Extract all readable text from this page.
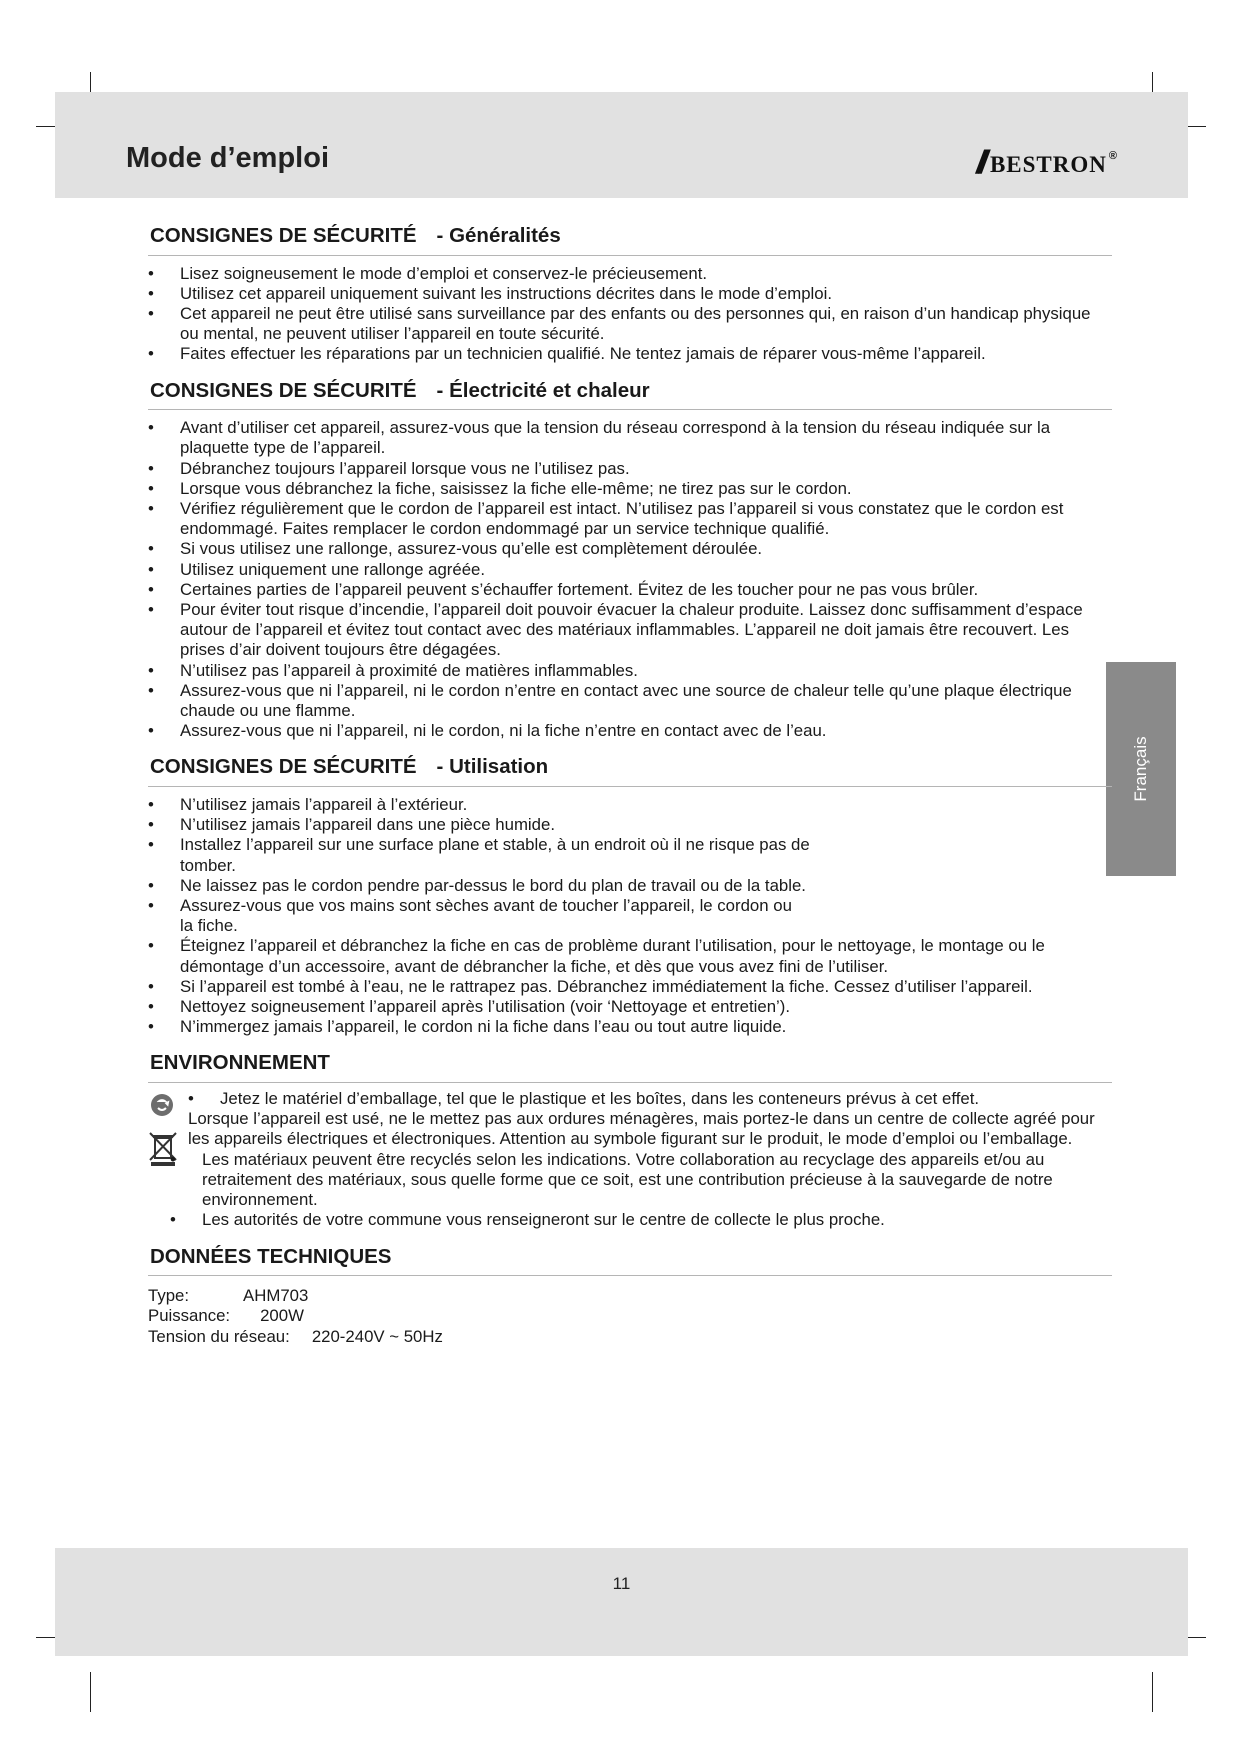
Mode d’emploi	// bestron ®
Français
CONSIGNES DE SÉCURITÉ - Généralités
• Lisez soigneusement le mode d’emploi et conservez-le précieusement.
• Utilisez cet appareil uniquement suivant les instructions décrites dans le mode d’emploi.
• Cet appareil ne peut être utilisé sans surveillance par des enfants ou des personnes qui, en raison d’un handicap physique ou mental, ne peuvent utiliser l’appareil en toute sécurité.
• Faites effectuer les réparations par un technicien qualifié. Ne tentez jamais de réparer vous-même l’appareil.
CONSIGNES DE SÉCURITÉ - Électricité et chaleur
• Avant d’utiliser cet appareil, assurez-vous que la tension du réseau correspond à la tension du réseau indiquée sur la plaquette type de l’appareil.
• Débranchez toujours l’appareil lorsque vous ne l’utilisez pas.
• Lorsque vous débranchez la fiche, saisissez la fiche elle-même; ne tirez pas sur le cordon.
• Vérifiez régulièrement que le cordon de l’appareil est intact. N’utilisez pas l’appareil si vous constatez que le cordon est endommagé. Faites remplacer le cordon endommagé par un service technique qualifié.
• Si vous utilisez une rallonge, assurez-vous qu’elle est complètement déroulée.
• Utilisez uniquement une rallonge agréée.
• Certaines parties de l’appareil peuvent s’échauffer fortement. Évitez de les toucher pour ne pas vous brûler.
• Pour éviter tout risque d’incendie, l’appareil doit pouvoir évacuer la chaleur produite. Laissez donc suffisamment d’espace autour de l’appareil et évitez tout contact avec des matériaux inflammables. L’appareil ne doit jamais être recouvert. Les prises d’air doivent toujours être dégagées.
• N’utilisez pas l’appareil à proximité de matières inflammables.
• Assurez-vous que ni l’appareil, ni le cordon n’entre en contact avec une source de chaleur telle qu’une plaque électrique chaude ou une flamme.
• Assurez-vous que ni l’appareil, ni le cordon, ni la fiche n’entre en contact avec de l’eau.
CONSIGNES DE SÉCURITÉ - Utilisation
• N’utilisez jamais l’appareil à l’extérieur.
• N’utilisez jamais l’appareil dans une pièce humide.
• Installez l’appareil sur une surface plane et stable, à un endroit où il ne risque pas de tomber.
• Ne laissez pas le cordon pendre par-dessus le bord du plan de travail ou de la table.
• Assurez-vous que vos mains sont sèches avant de toucher l’appareil, le cordon ou la fiche.
• Éteignez l’appareil et débranchez la fiche en cas de problème durant l’utilisation, pour le nettoyage, le montage ou le démontage d’un accessoire, avant de débrancher la fiche, et dès que vous avez fini de l’utiliser.
• Si l’appareil est tombé à l’eau, ne le rattrapez pas. Débranchez immédiatement la fiche. Cessez d’utiliser l’appareil.
• Nettoyez soigneusement l’appareil après l’utilisation (voir ‘Nettoyage et entretien’).
• N’immergez jamais l’appareil, le cordon ni la fiche dans l’eau ou tout autre liquide.
ENVIRONNEMENT
• Jetez le matériel d’emballage, tel que le plastique et les boîtes, dans les conteneurs prévus à cet effet.
Lorsque l’appareil est usé, ne le mettez pas aux ordures ménagères, mais portez-le dans un centre de collecte agréé pour les appareils électriques et électroniques. Attention au symbole figurant sur le produit, le mode d’emploi ou l’emballage.
• Les matériaux peuvent être recyclés selon les indications. Votre collaboration au recyclage des appareils et/ou au retraitement des matériaux, sous quelle forme que ce soit, est une contribution précieuse à la sauvegarde de notre environnement.
• Les autorités de votre commune vous renseigneront sur le centre de collecte le plus proche.
DONNÉES TECHNIQUES
Type:	AHM703
Puissance: 200W
Tension du réseau: 220-240V ~ 50Hz
11
